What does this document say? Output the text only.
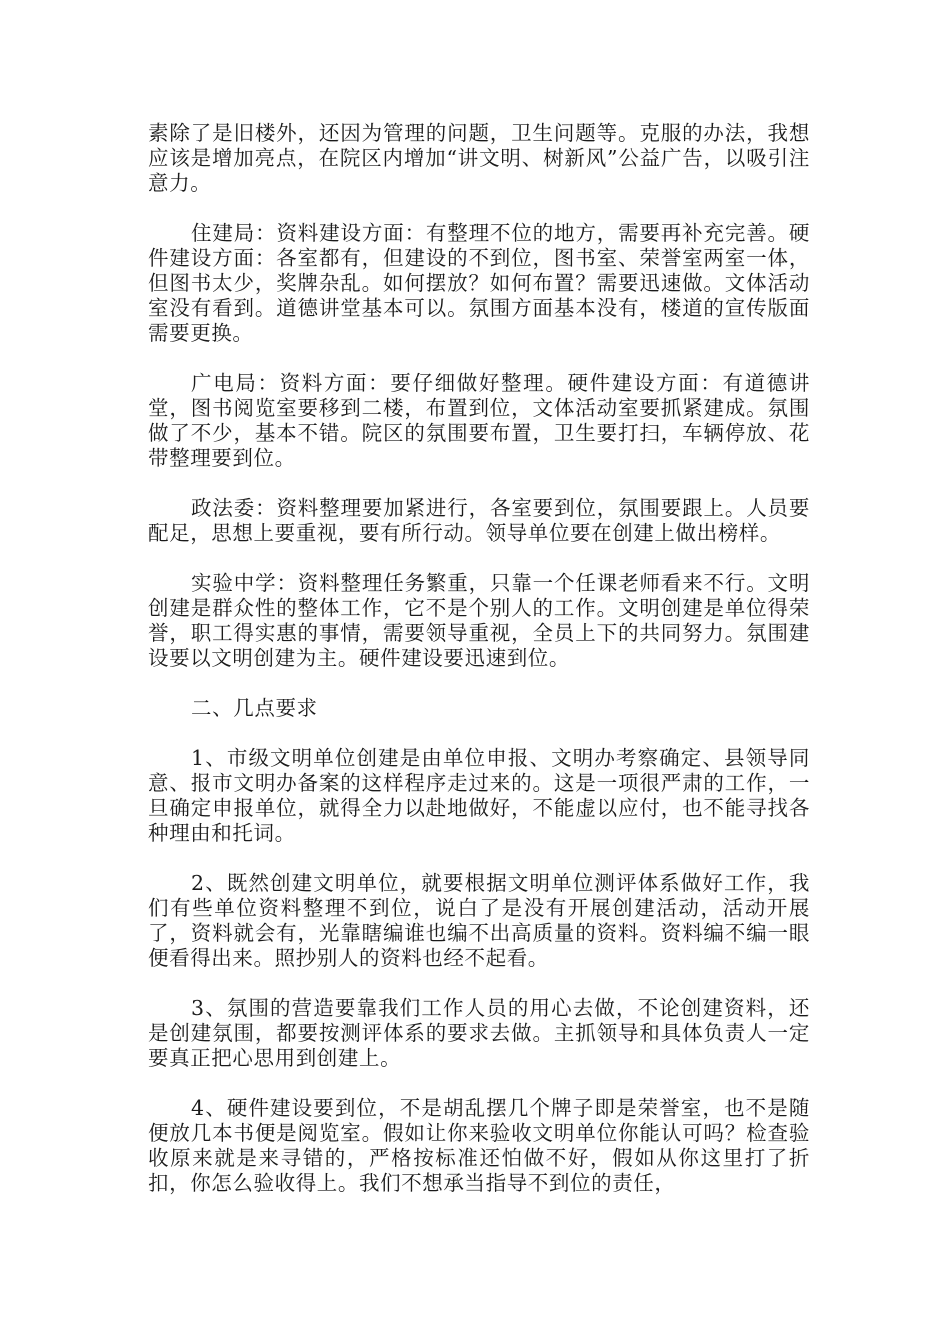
素除了是旧楼外，还因为管理的问题，卫生问题等。克服的办法，我想应该是增加亮点，在院区内增加“讲文明、树新风”公益广告，以吸引注意力。

住建局：资料建设方面：有整理不位的地方，需要再补充完善。硬件建设方面：各室都有，但建设的不到位，图书室、荣誉室两室一体，但图书太少，奖牌杂乱。如何摆放？如何布置？需要迅速做。文体活动室没有看到。道德讲堂基本可以。氛围方面基本没有，楼道的宣传版面需要更换。

广电局：资料方面：要仔细做好整理。硬件建设方面：有道德讲堂，图书阅览室要移到二楼，布置到位，文体活动室要抓紧建成。氛围做了不少，基本不错。院区的氛围要布置，卫生要打扫，车辆停放、花带整理要到位。

政法委：资料整理要加紧进行，各室要到位，氛围要跟上。人员要配足，思想上要重视，要有所行动。领导单位要在创建上做出榜样。

实验中学：资料整理任务繁重，只靠一个任课老师看来不行。文明创建是群众性的整体工作，它不是个别人的工作。文明创建是单位得荣誉，职工得实惠的事情，需要领导重视，全员上下的共同努力。氛围建设要以文明创建为主。硬件建设要迅速到位。

二、几点要求

1、市级文明单位创建是由单位申报、文明办考察确定、县领导同意、报市文明办备案的这样程序走过来的。这是一项很严肃的工作，一旦确定申报单位，就得全力以赴地做好，不能虚以应付，也不能寻找各种理由和托词。

2、既然创建文明单位，就要根据文明单位测评体系做好工作，我们有些单位资料整理不到位，说白了是没有开展创建活动，活动开展了，资料就会有，光靠瞎编谁也编不出高质量的资料。资料编不编一眼便看得出来。照抄别人的资料也经不起看。

3、氛围的营造要靠我们工作人员的用心去做，不论创建资料，还是创建氛围，都要按测评体系的要求去做。主抓领导和具体负责人一定要真正把心思用到创建上。

4、硬件建设要到位，不是胡乱摆几个牌子即是荣誉室，也不是随便放几本书便是阅览室。假如让你来验收文明单位你能认可吗？检查验收原来就是来寻错的，严格按标准还怕做不好，假如从你这里打了折扣，你怎么验收得上。我们不想承当指导不到位的责任，
